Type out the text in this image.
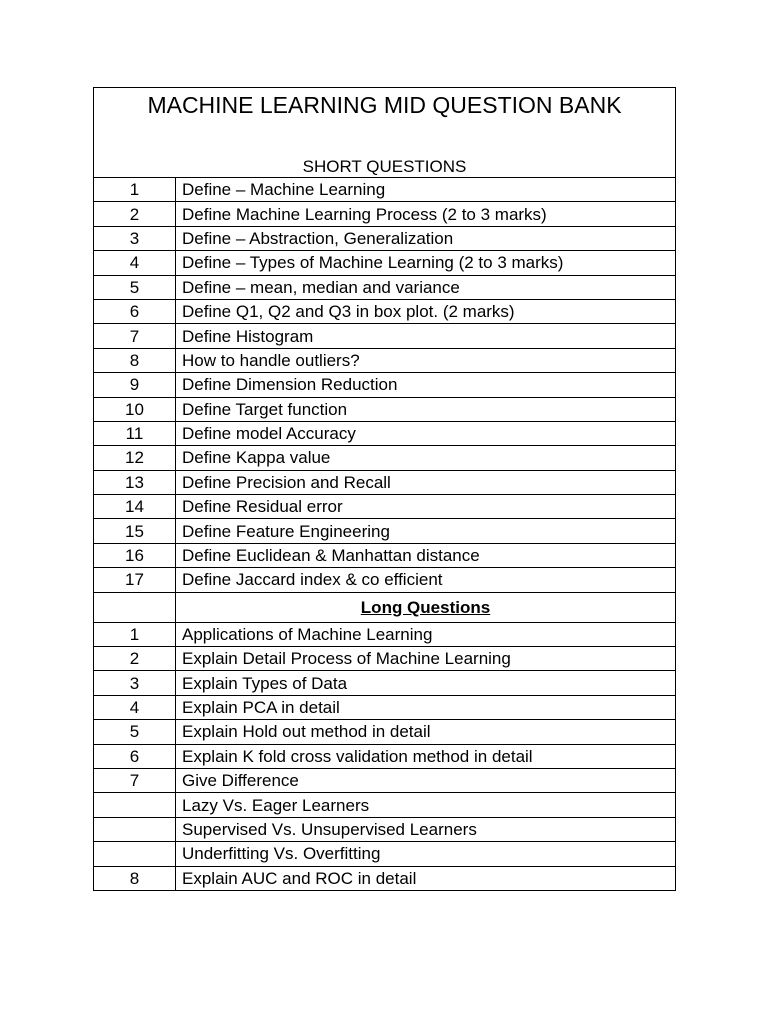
MACHINE LEARNING MID QUESTION BANK
SHORT QUESTIONS	

1	Define – Machine Learning
2	Define Machine Learning Process (2 to 3 marks)
3	Define – Abstraction, Generalization
4	Define – Types of Machine Learning (2 to 3 marks)
5	Define – mean, median and variance
6	Define Q1, Q2 and Q3 in box plot. (2 marks)
7	Define Histogram
8	How to handle outliers?
9	Define Dimension Reduction
10	Define Target function
11	Define model Accuracy
12	Define Kappa value
13	Define Precision and Recall
14	Define Residual error
15	Define Feature Engineering
16	Define Euclidean & Manhattan distance
17	Define Jaccard index & co efficient
	Long Questions
1	Applications of Machine Learning
2	Explain Detail Process of Machine Learning
3	Explain Types of Data
4	Explain PCA in detail
5	Explain Hold out method in detail
6	Explain K fold cross validation method in detail
7	Give Difference
	Lazy Vs. Eager Learners
	Supervised Vs. Unsupervised Learners
	Underfitting Vs. Overfitting
8	Explain AUC and ROC in detail
